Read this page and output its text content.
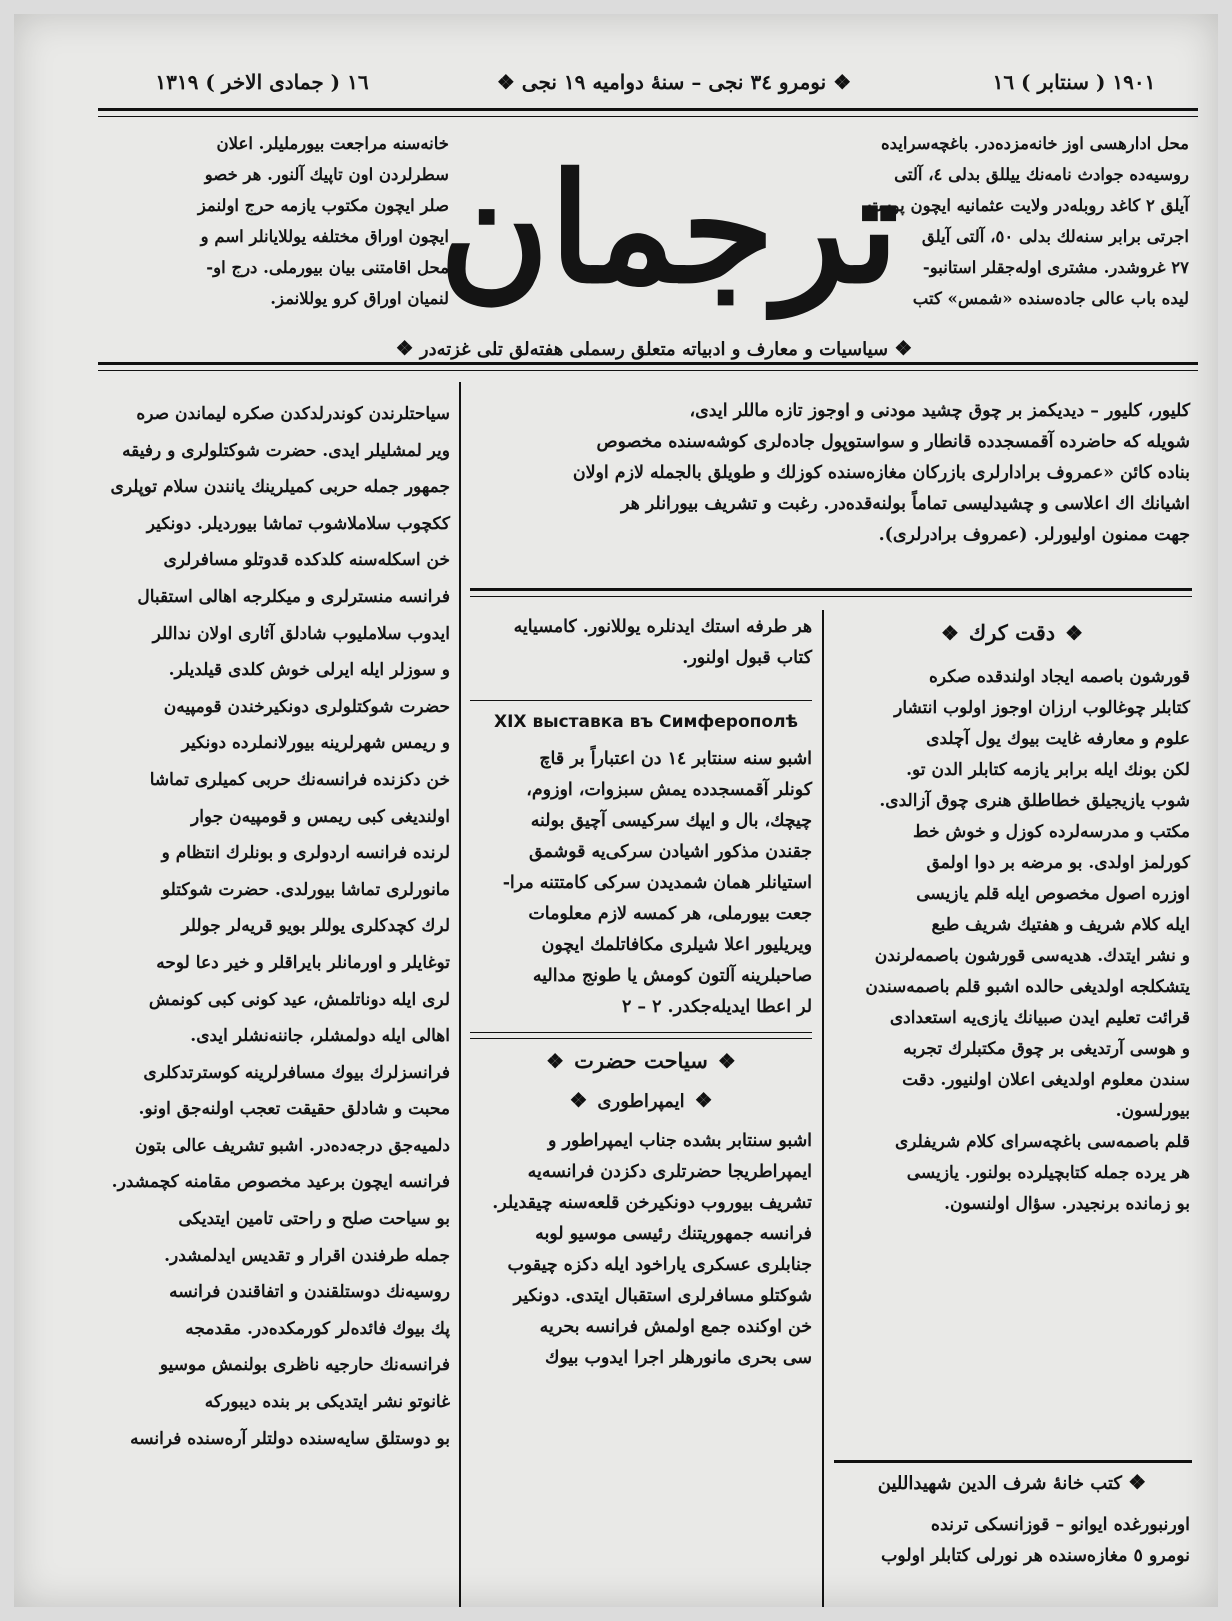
١٦ ( جمادى الاخر ) ١٣١٩	❖ نومرو ٣٤ نجى – سنهٔ دوامیه ١٩ نجى ❖	١٩٠١ ( سنتابر ) ١٦

محل ادارهسی اوز خانه‌مزده‌در. باغچه‌سرایده

روسیه‌ده جوادث نامه‌نك ییللق بدلى ٤، آلتى

آیلق ٢ کاغد روبله‌در ولایت عثمانیه ایچون پوسته

اجرتى برابر سنه‌لك بدلى ٥٠، آلتى آیلق

٢٧ غروشدر. مشترى اوله‌جقلر استانبو-

لیده باب عالى جاده‌سنده «شمس» کتب

ترجمان

خانه‌سنه مراجعت بیورملیلر. اعلان

سطرلردن اون تاپیك آلنور. هر خصو

صلر ایچون مکتوب یازمه حرج اولنمز

ایچون اوراق مختلفه یوللایانلر اسم و

محل اقامتنى بیان بیورملى. درج او-

لنمیان اوراق کرو یوللانمز.

❖ سیاسیات و معارف و ادبیاته متعلق رسملى هفته‌لق تلى غزته‌در ❖

کلیور، کلیور – دیدیکمز بر چوق چشید مودنى و اوجوز تازه ماللر ایدى،

شویله که حاضرده آقمسجدده قانطار و سواستوپول جاده‌لرى کوشه‌سنده مخصوص

بناده کائن «عمروف برادارلرى بازرکان مغازه‌سنده کوزلك و طویلق بالجمله لازم اولان

اشیانك اك اعلاسى و چشیدلیسى تماماً بولنه‌قده‌در. رغبت و تشریف بیورانلر هر

جهت ممنون اولیورلر. (عمروف برادرلرى).

هر طرفه استك ایدنلره یوللانور. کامسیایه

کتاب قبول اولنور.

XIX выставка въ Симферополѣ

اشبو سنه سنتابر ١٤ دن اعتباراً بر قاچ

کونلر آقمسجدده یمش سبزوات، اوزوم،

چیچك، بال و ایپك سرکیسى آچیق بولنه

جقندن مذکور اشیادن سرکى‌یه قوشمق

استیانلر همان شمدیدن سرکى کامتتنه مرا-

جعت بیورملى، هر کمسه لازم معلومات

ویریلیور اعلا شیلرى مکافاتلمك ایچون

صاحبلرینه آلتون کومش یا طونج مدالیه

لر اعطا ایدیله‌جکدر. ٢ – ٢

❖سیاحت حضرت❖
❖ایمپراطورى❖

اشبو سنتابر بشده جناب ایمپراطور و

ایمپراطریجا حضرتلرى دکزدن فرانسه‌یه

تشریف بیوروب دونکیرخن قلعه‌سنه چیقدیلر.

فرانسه جمهوریتنك رئیسى موسیو لوبه

جنابلرى عسکرى یاراخود ایله دکزه چیقوب

شوکتلو مسافرلرى استقبال ایتدى. دونکیر

خن اوکنده جمع اولمش فرانسه بحریه

سى بحرى مانورهلر اجرا ایدوب بیوك

❖دقت کرك❖

قورشون باصمه ایجاد اولندقده صکره

کتابلر چوغالوب ارزان اوجوز اولوب انتشار

علوم و معارفه غایت بیوك یول آچلدى

لکن بونك ایله برابر یازمه کتابلر الدن تو.

شوب یازیجیلق خطاطلق هنرى چوق آزالدى.

مکتب و مدرسه‌لرده کوزل و خوش خط

کورلمز اولدى. بو مرضه بر دوا اولمق

اوزره اصول مخصوص ایله قلم یازیسى

ایله کلام شریف و هفتیك شریف طبع

و نشر ایتدك. هدیه‌سى قورشون باصمه‌لرندن

یتشکلجه اولدیغى حالده اشبو قلم باصمه‌سندن

قرائت تعلیم ایدن صبیانك یازى‌یه استعدادى

و هوسى آرتدیغى بر چوق مکتبلرك تجربه

سندن معلوم اولدیغى اعلان اولنیور. دقت

بیورلسون.

قلم باصمه‌سى باغچه‌سراى کلام شریفلرى

هر یرده جمله کتابچیلرده بولنور. یازیسى

بو زمانده برنجیدر. سؤال اولنسون.

❖ کتب خانهٔ شرف الدین شهیداللین

اورنبورغده ایوانو – قوزانسکى ترنده

نومرو ٥ مغازه‌سنده هر نورلى کتابلر اولوب

سیاحتلرندن کوندرلدکدن صکره لیماندن صره

ویر لمشلیلر ایدى. حضرت شوکتلولرى و رفیقه

جمهور جمله حربى کمیلرینك یانندن سلام توپلرى

ککچوب سلاملاشوب تماشا بیوردیلر. دونکیر

خن اسکله‌سنه کلدکده قدوتلو مسافرلرى

فرانسه منسترلرى و میکلرجه اهالى استقبال

ایدوب سلاملیوب شادلق آثارى اولان نداللر

و سوزلر ایله ایرلى خوش کلدى قیلدیلر.

حضرت شوکتلولرى دونکیرخندن قومپیه‌ن

و ریمس شهرلرینه بیورلانملرده دونکیر

خن دکزنده فرانسه‌نك حربى کمیلرى تماشا

اولندیغى کبى ریمس و قومپیه‌ن جوار

لرنده فرانسه اردولرى و بونلرك انتظام و

مانورلرى تماشا بیورلدى. حضرت شوکتلو

لرك کچدکلرى یوللر بویو قریه‌لر جوللر

توغایلر و اورمانلر بایراقلر و خیر دعا لوحه

لرى ایله دوناتلمش، عید کونى کبى کونمش

اهالى ایله دولمشلر، جاننه‌نشلر ایدى.

فرانسزلرك بیوك مسافرلرینه کوسترتدکلرى

محبت و شادلق حقیقت تعجب اولنه‌جق اونو.

دلمیه‌جق درجه‌ده‌در. اشبو تشریف عالى بتون

فرانسه ایچون برعید مخصوص مقامنه کچمشدر.

بو سیاحت صلح و راحتى تامین ایتدیکى

جمله طرفندن اقرار و تقدیس ایدلمشدر.

روسیه‌نك دوستلقندن و اتفاقندن فرانسه

پك بیوك فائده‌لر کورمکده‌در. مقدمجه

فرانسه‌نك حارجیه ناظرى بولنمش موسیو

غانوتو نشر ایتدیکى بر بنده دیبورکه

بو دوستلق سایه‌سنده دولتلر آره‌سنده فرانسه
